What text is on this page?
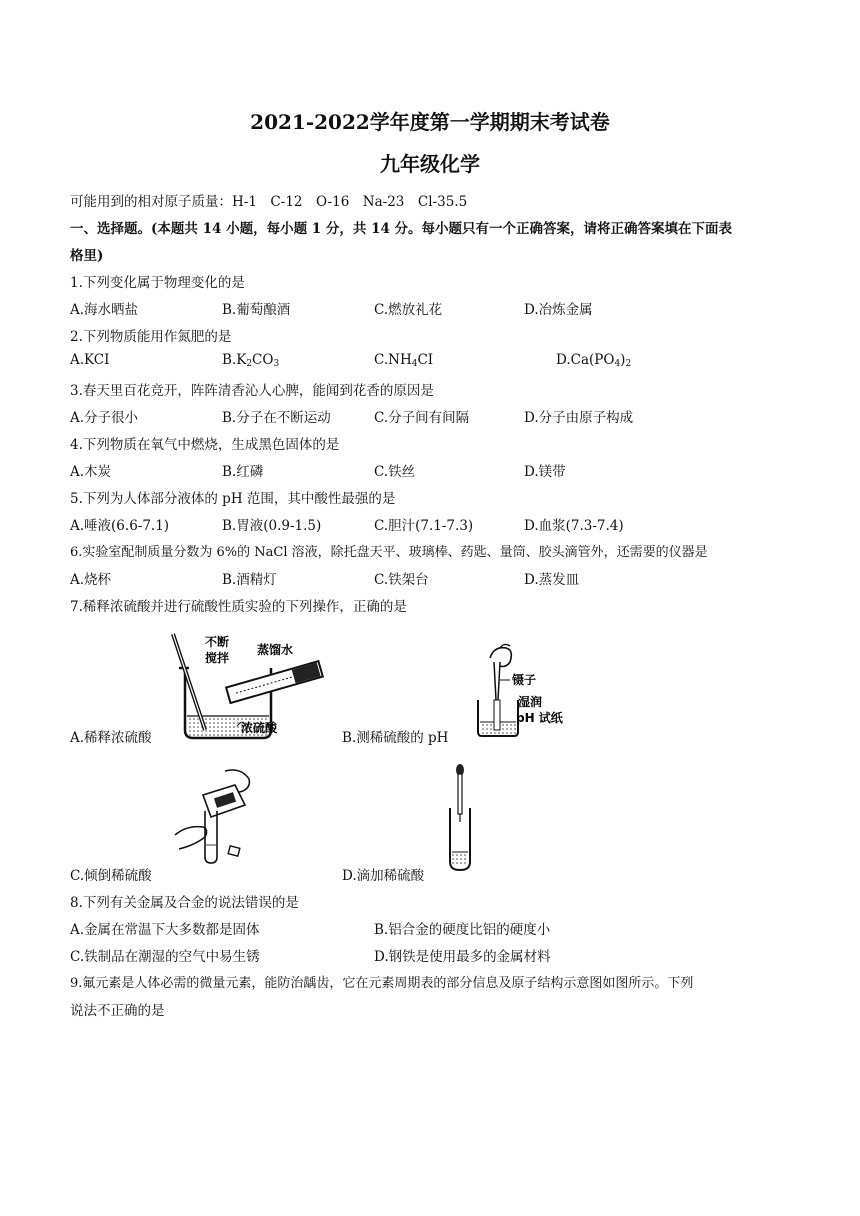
2021-2022学年度第一学期期末考试卷
九年级化学
可能用到的相对原子质量：H-1　C-12　O-16　Na-23　Cl-35.5
一、选择题。(本题共 14 小题，每小题 1 分，共 14 分。每小题只有一个正确答案，请将正确答案填在下面表
格里)
1.下列变化属于物理变化的是
A.海水晒盐	B.葡萄酿酒	C.燃放礼花	D.冶炼金属
2.下列物质能用作氮肥的是
A.KCI	$B.K_2CO_3$	$C.NH_4CI$	$D.Ca(PO_4)_2$
3.春天里百花竞开，阵阵清香沁人心脾，能闻到花香的原因是
A.分子很小	B.分子在不断运动	C.分子间有间隔	D.分子由原子构成
4.下列物质在氧气中燃烧，生成黑色固体的是
A.木炭	B.红磷	C.铁丝	D.镁带
5.下列为人体部分液体的 pH 范围，其中酸性最强的是
A.唾液(6.6-7.1)	B.胃液(0.9-1.5)	C.胆汁(7.1-7.3)	D.血浆(7.3-7.4)
6.实验室配制质量分数为 6%的 NaCl 溶液，除托盘天平、玻璃棒、药匙、量筒、胶头滴管外，还需要的仪器是
A.烧杯	B.酒精灯	C.铁架台	D.蒸发皿
7.稀释浓硫酸并进行硫酸性质实验的下列操作，正确的是
不断
搅拌
蒸馏水
浓硫酸
A.稀释浓硫酸
镊子
湿润
pH 试纸
B.测稀硫酸的 pH
C.倾倒稀硫酸	D.滴加稀硫酸
8.下列有关金属及合金的说法错误的是
A.金属在常温下大多数都是固体	B.铝合金的硬度比铝的硬度小
C.铁制品在潮湿的空气中易生锈	D.钢铁是使用最多的金属材料
9.氟元素是人体必需的微量元素，能防治龋齿，它在元素周期表的部分信息及原子结构示意图如图所示。下列
说法不正确的是
